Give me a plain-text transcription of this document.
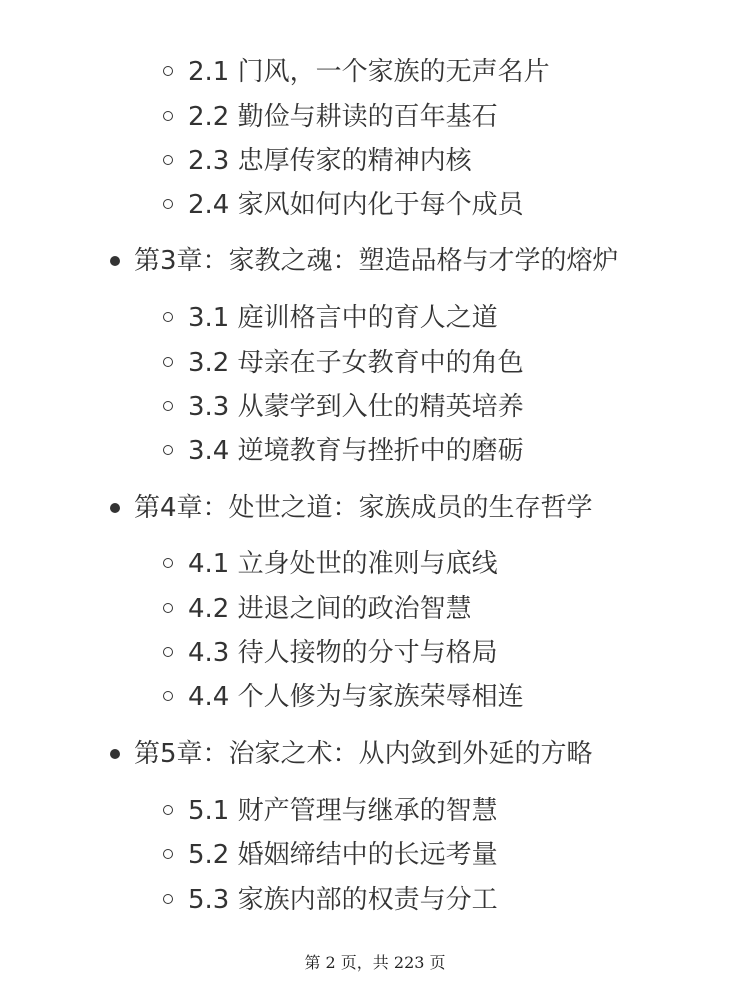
2.1 门风，一个家族的无声名片
2.2 勤俭与耕读的百年基石
2.3 忠厚传家的精神内核
2.4 家风如何内化于每个成员
第3章：家教之魂：塑造品格与才学的熔炉
3.1 庭训格言中的育人之道
3.2 母亲在子女教育中的角色
3.3 从蒙学到入仕的精英培养
3.4 逆境教育与挫折中的磨砺
第4章：处世之道：家族成员的生存哲学
4.1 立身处世的准则与底线
4.2 进退之间的政治智慧
4.3 待人接物的分寸与格局
4.4 个人修为与家族荣辱相连
第5章：治家之术：从内敛到外延的方略
5.1 财产管理与继承的智慧
5.2 婚姻缔结中的长远考量
5.3 家族内部的权责与分工
第 2 页，共 223 页
